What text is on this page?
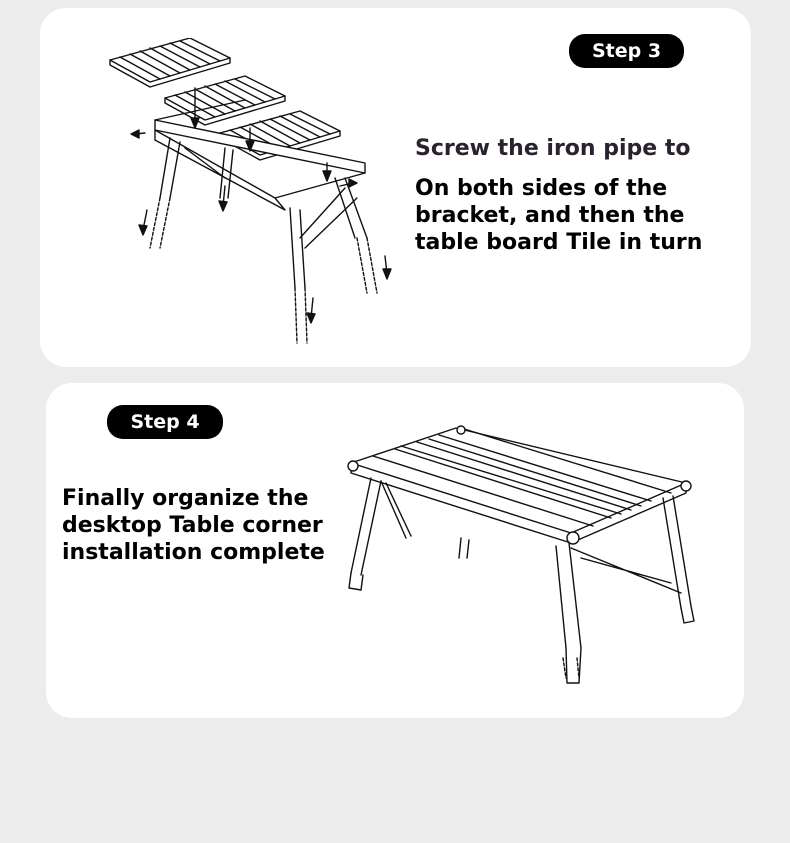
Step 3

Screw the iron pipe to

On both sides of the bracket, and then the table board Tile in turn

Step 4

Finally organize the desktop Table corner installation complete
